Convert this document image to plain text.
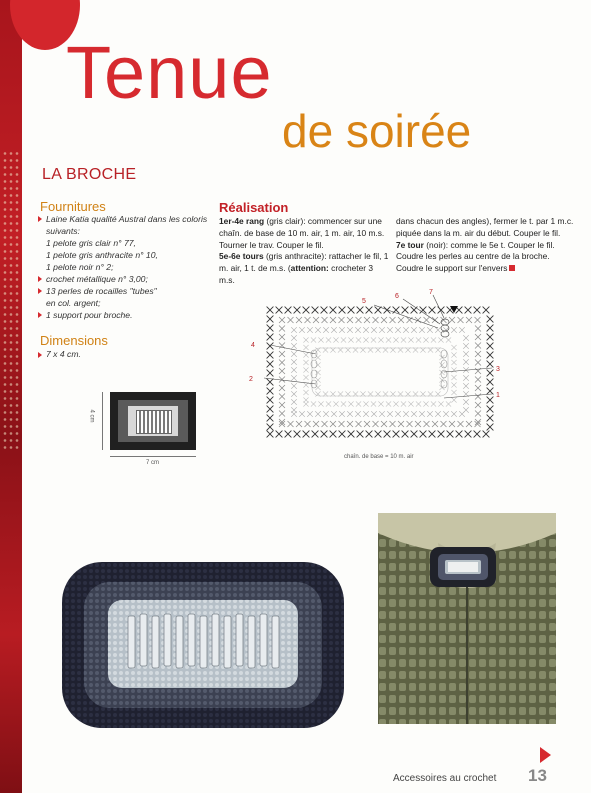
Tenue
de soirée
LA BROCHE
Fournitures
Laine Katia qualité Austral dans les coloris suivants:
1 pelote gris clair n° 77,
1 pelote gris anthracite n° 10,
1 pelote noir n° 2;
crochet métallique n° 3,00;
13 perles de rocailles "tubes"
en col. argent;
1 support pour broche.
Dimensions
7 x 4 cm.
4 cm
7 cm
Réalisation

1er-4e rang (gris clair): commencer sur une chaîn. de base de 10 m. air, 1 m. air, 10 m.s. Tourner le trav. Couper le fil.

5e-6e tours (gris anthracite): rattacher le fil, 1 m. air, 1 t. de m.s. (attention: crocheter 3 m.s.

dans chacun des angles), fermer le t. par 1 m.c. piquée dans la m. air du début. Couper le fil.

7e tour (noir): comme le 5e t. Couper le fil. Coudre les perles au centre de la broche. Coudre le support sur l'envers

4
2
5
6
7
3
1
chaîn. de base = 10 m. air
Accessoires au crochet 13
